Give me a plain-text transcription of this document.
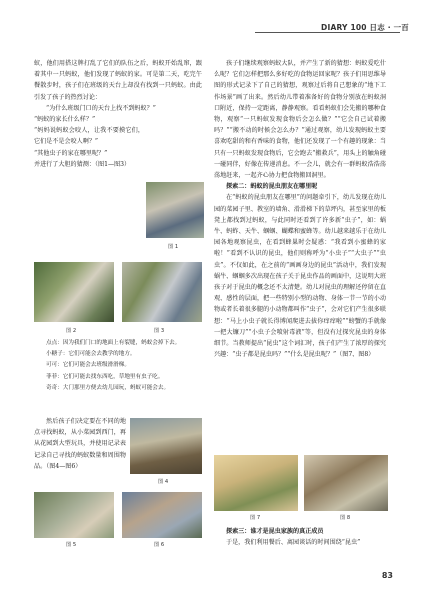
DIARY 100 日志 · 一百

蚁，他们用搭这牌打乱了它们的队伍之后，蚂蚁开始乱窜，跟着其中一只蚂蚁，他们发现了蚂蚁的家。可是第二天，吃完午餐散步时，孩子们在班级的天台上却没有找到一只蚂蚁。由此引发了孩子的热烈讨论：

“为什么班级门口的天台上找不到蚂蚁？”

“蚂蚁的家长什么样？”

“妈妈说蚂蚁会咬人，让我不要摸它们，它们是不是会咬人啊？”

“其他虫子的家在哪里呢？”

并进行了大胆的猜测：（图1—图3）

图 1
图 2	图 3

点点：因为我们门口的地面上有裂缝，蚂蚁会掉下去。

小糖子：它们可能会去教学的地方。

可可：它们可能会去班级滑滑梯。

菲菲：它们可能去找东西吃，草地里有虫子吃。

奇奇：大门那里方便去幼儿园玩，蚂蚁可能会去。

然后孩子们决定要在不同的地点寻找蚂蚁，从小菜园到西门，再从花园到大型玩具，并使用记录表记录自己寻找的蚂蚁数量和周围物品。（图4—图6）

图 4
图 5	图 6

孩子们继续观察蚂蚁大队，并产生了新的猜想：蚂蚁爱吃什么呢？它们怎样把那么多好吃的食物运回家呢？孩子们用思维导图的形式记录下了自己的猜想，观察过后将自己想象的“地下工作场景”画了出来。然后幼儿带着准备好的食物分别放在蚂蚁洞口附近，保持一定距离，静静观察。看看蚂蚁们会先搬的哪种食物，观察“一只蚂蚁发现食物后会怎么做？”“它会自己试着搬吗？”“搬不动的时候会怎么办？”通过观察，幼儿发现蚂蚁主要喜欢吃甜的和有香味的食物，他们还发现了一个有趣的现象：当只有一只蚂蚁发现食物后，它会跑去“搬救兵”，用头上的触角碰一碰同伴，好像在传递消息。不一会儿，就会有一群蚂蚁浩浩荡荡地赶来，一起齐心协力把食物搬回洞里。

探索二：蚂蚁的昆虫朋友在哪里呢

在“蚂蚁的昆虫朋友在哪里”的问题牵引下，幼儿发现在幼儿园的菜园子里、教室的墙角、滑滑梯下的草坪内，甚至家里的板凳上都找到过蚂蚁，与此同时还看到了许多新“虫子”，如：蜗牛、蚂蚱、天牛、蝈蝈、蝴蝶和蜜蜂等。幼儿越来越乐于在幼儿园各地观察昆虫，在看到蜂巢时会疑惑：“我看到小蜜蜂的家啦！”看到不认识的昆虫，他们则称呼为“小虫子”“大虫子”“虫虫”。不仅如此，在之前的“画画身边的昆虫”活动中，我们发现蜗牛、蝈蝈多次出现在孩子关于昆虫作品的画面中，这说明大班孩子对于昆虫的概念还不太清楚。幼儿对昆虫的理解还停留在直观、感性的层面，把一些特别小型的动物、身体一节一节的小动物或者长着很多腿的小动物都叫作“虫子”，会对它们产生很多联想：“马上小虫子就长得博闻爬进去拔你痒痒啦”“螃蟹的手就像一把大镰刀”“小虫子会喷射毒液”等，但没有过探究昆虫的身体细节。当教师提出“昆虫”这个词汇时，孩子们产生了浓厚的探究兴趣：“虫子都是昆虫吗？”“什么是昆虫呢？”（图7、图8）

图 7	图 8

探索三：谁才是昆虫家族的真正成员

于是，我们利用餐后、离园谈话的时间围绕“昆虫”

83
